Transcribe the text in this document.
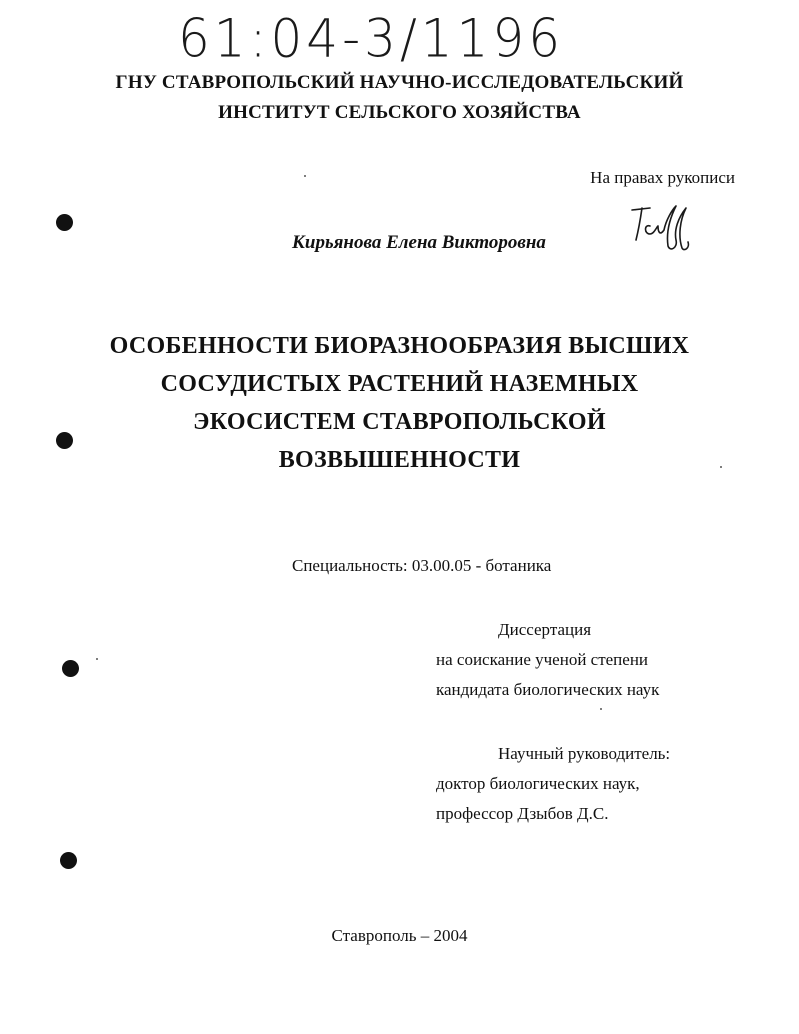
61:04-3/1196
ГНУ СТАВРОПОЛЬСКИЙ НАУЧНО-ИССЛЕДОВАТЕЛЬСКИЙ
ИНСТИТУТ СЕЛЬСКОГО ХОЗЯЙСТВА
На правах рукописи
Кирьянова Елена Викторовна
ОСОБЕННОСТИ БИОРАЗНООБРАЗИЯ ВЫСШИХ
СОСУДИСТЫХ РАСТЕНИЙ НАЗЕМНЫХ
ЭКОСИСТЕМ СТАВРОПОЛЬСКОЙ
ВОЗВЫШЕННОСТИ
Специальность: 03.00.05 - ботаника
Диссертация
на соискание ученой степени
кандидата биологических наук
Научный руководитель:
доктор биологических наук,
профессор Дзыбов Д.С.
Ставрополь – 2004
